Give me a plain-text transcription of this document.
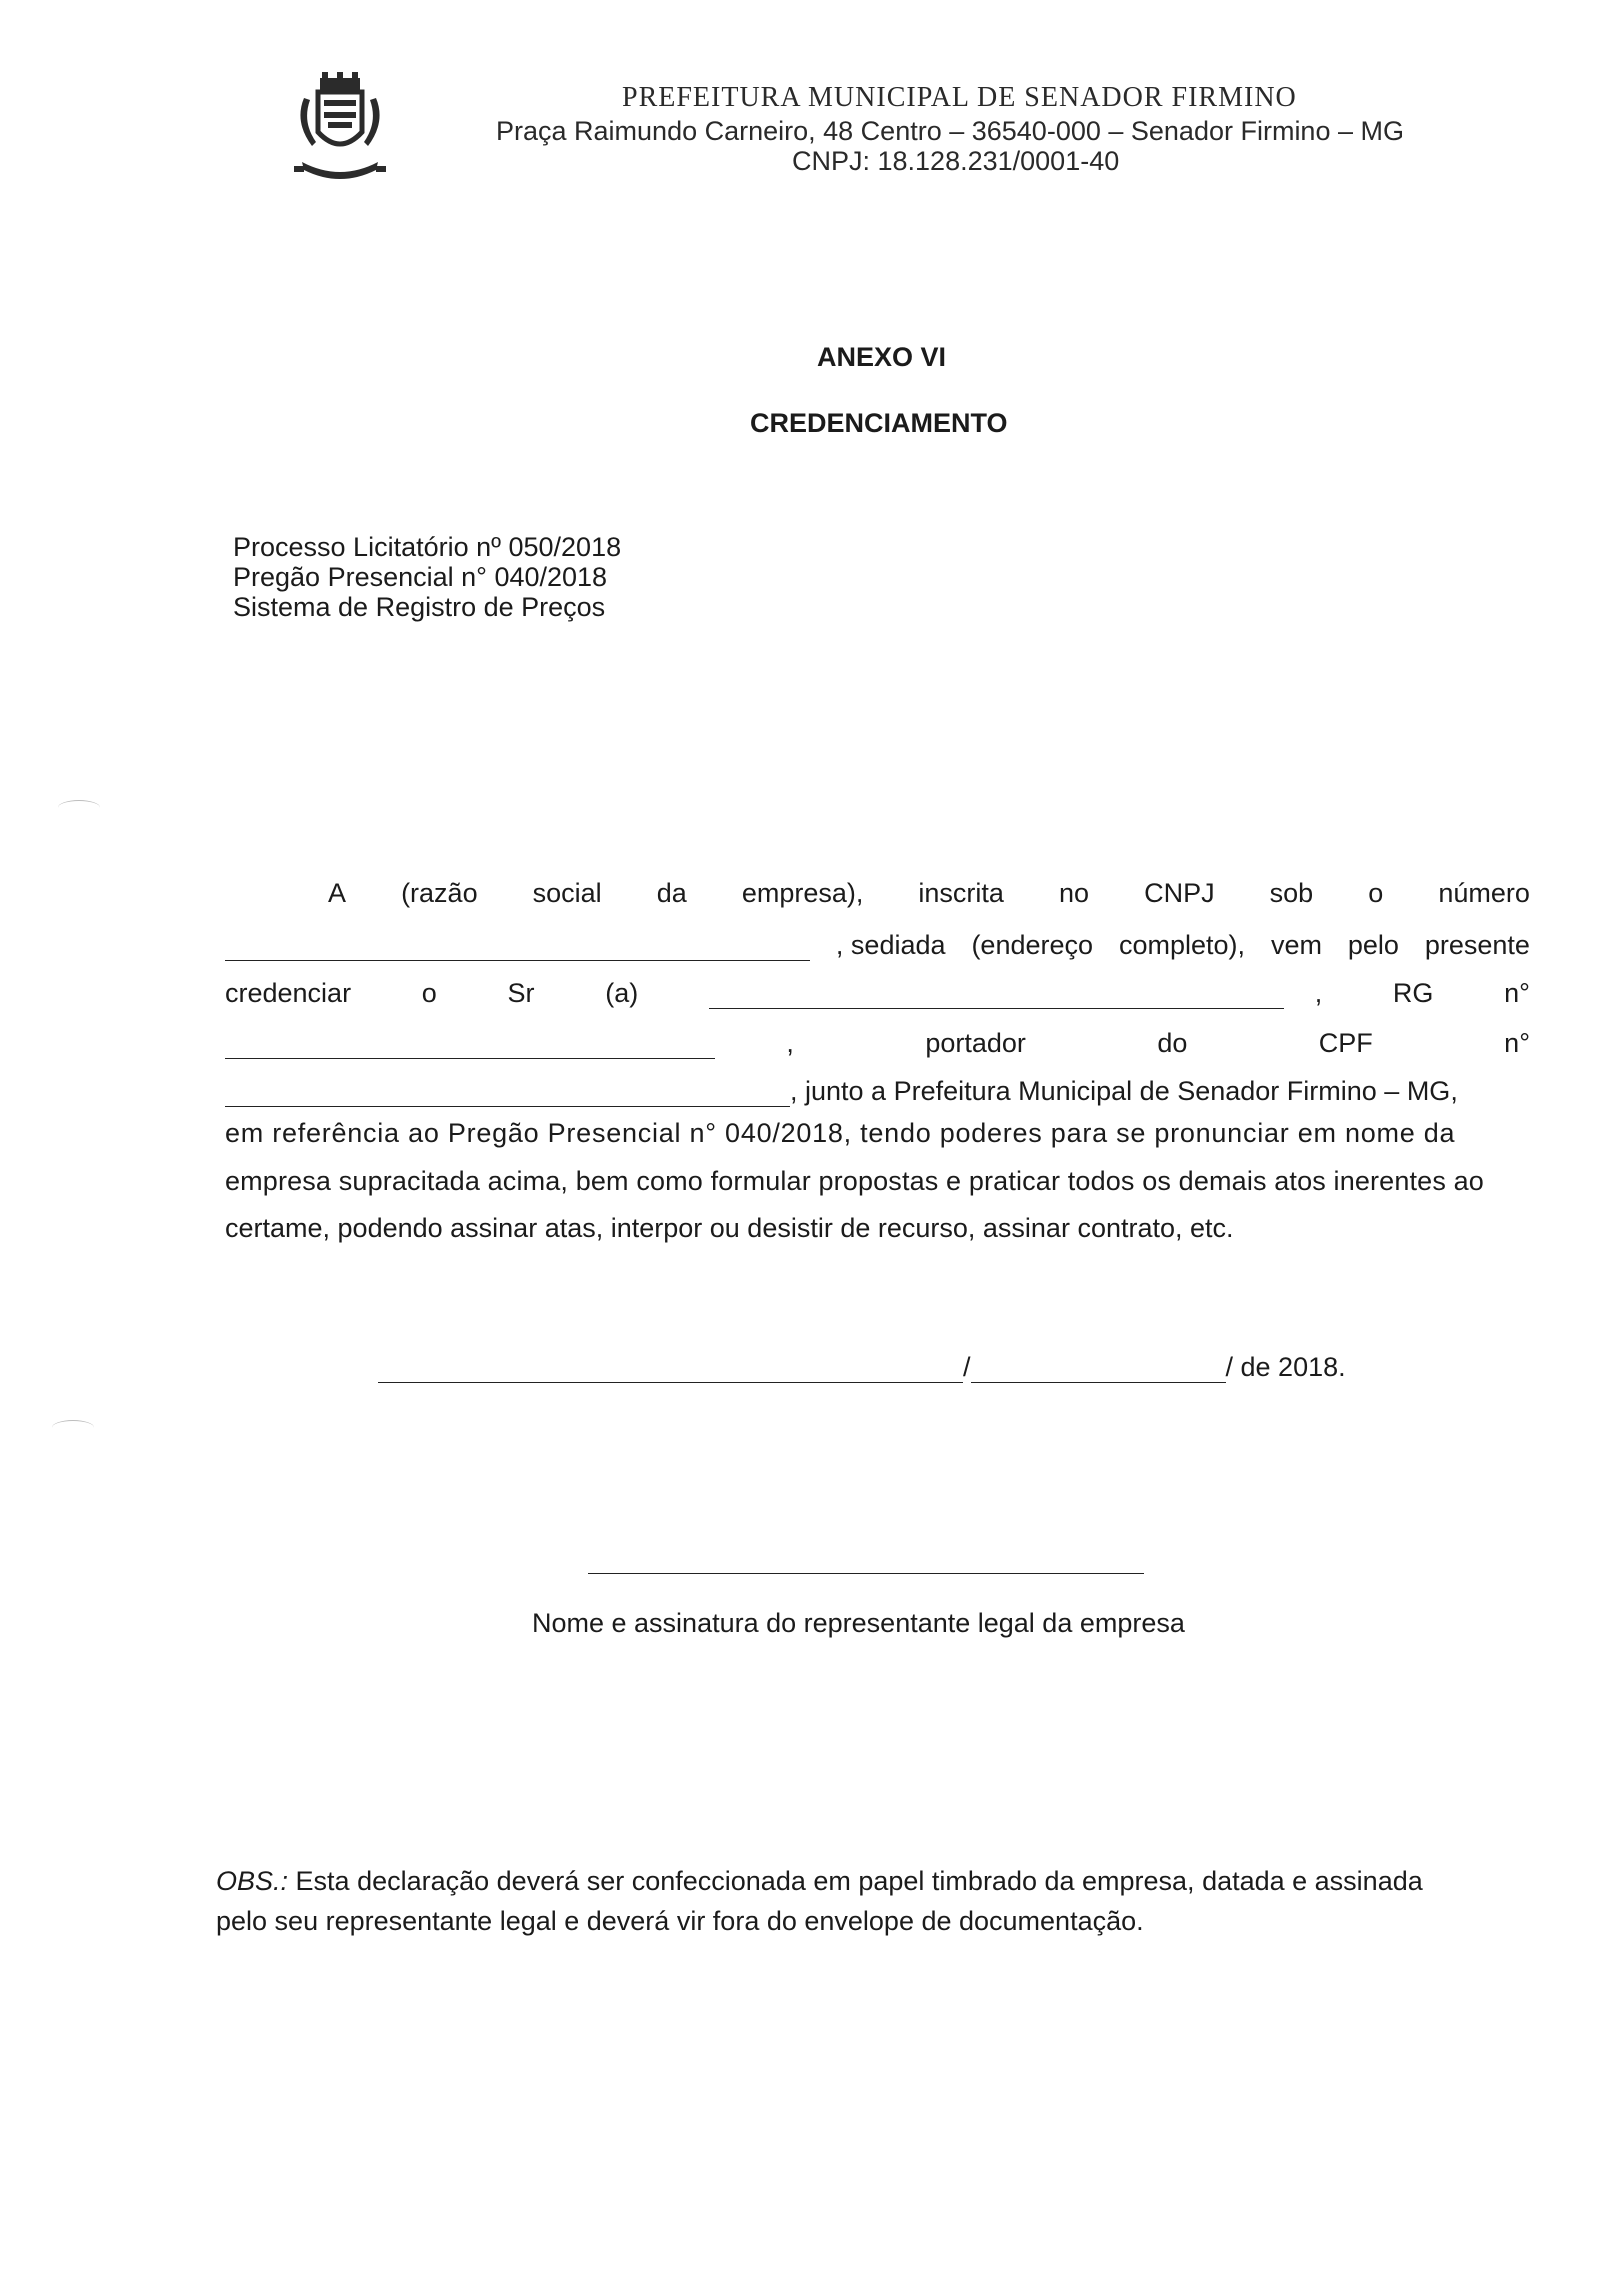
PREFEITURA MUNICIPAL DE SENADOR FIRMINO
Praça Raimundo Carneiro, 48 Centro – 36540-000 – Senador Firmino – MG
CNPJ: 18.128.231/0001-40
ANEXO VI
CREDENCIAMENTO
Processo Licitatório nº 050/2018
Pregão Presencial n° 040/2018
Sistema de Registro de Preços
A (razão social da empresa), inscrita no CNPJ sob o número
, sediada (endereço completo), vem pelo presente
credenciar	o	Sr	(a)	,	RG	n°
,	portador	do	CPF	n°
, junto a Prefeitura Municipal de Senador Firmino – MG,
em referência ao Pregão Presencial n° 040/2018, tendo poderes para se pronunciar em nome da
empresa supracitada acima, bem como formular propostas e praticar todos os demais atos inerentes ao
certame, podendo assinar atas, interpor ou desistir de recurso, assinar contrato, etc.
/	/ de 2018.
Nome e assinatura do representante legal da empresa
OBS.: Esta declaração deverá ser confeccionada em papel timbrado da empresa, datada e assinada
pelo seu representante legal e deverá vir fora do envelope de documentação.
